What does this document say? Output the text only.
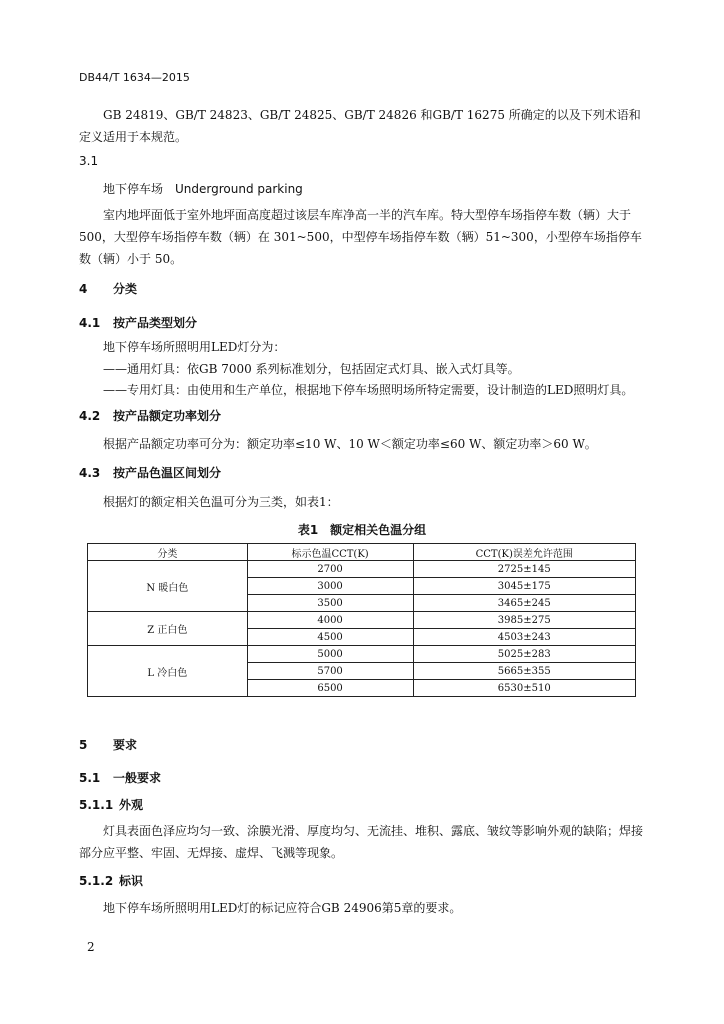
DB44/T 1634—2015
GB 24819、GB/T 24823、GB/T 24825、GB/T 24826 和GB/T 16275 所确定的以及下列术语和定义适用于本规范。
3.1
地下停车场　Underground parking
室内地坪面低于室外地坪面高度超过该层车库净高一半的汽车库。特大型停车场指停车数（辆）大于 500，大型停车场指停车数（辆）在 301~500，中型停车场指停车数（辆）51~300，小型停车场指停车数（辆）小于 50。
4 分类
4.1 按产品类型划分
地下停车场所照明用LED灯分为：
——通用灯具：依GB 7000 系列标准划分，包括固定式灯具、嵌入式灯具等。
——专用灯具：由使用和生产单位，根据地下停车场照明场所特定需要，设计制造的LED照明灯具。
4.2 按产品额定功率划分
根据产品额定功率可分为：额定功率≤10 W、10 W＜额定功率≤60 W、额定功率＞60 W。
4.3 按产品色温区间划分
根据灯的额定相关色温可分为三类，如表1：
表1　额定相关色温分组
分类	标示色温CCT(K)	CCT(K)误差允许范围
N 暖白色	2700	2725±145
	3000	3045±175
	3500	3465±245
Z 正白色	4000	3985±275
	4500	4503±243
L 冷白色	5000	5025±283
	5700	5665±355
	6500	6530±510
5 要求
5.1 一般要求
5.1.1 外观
灯具表面色泽应均匀一致、涂膜光滑、厚度均匀、无流挂、堆积、露底、皱纹等影响外观的缺陷；焊接部分应平整、牢固、无焊接、虚焊、飞溅等现象。
5.1.2 标识
地下停车场所照明用LED灯的标记应符合GB 24906第5章的要求。
2
